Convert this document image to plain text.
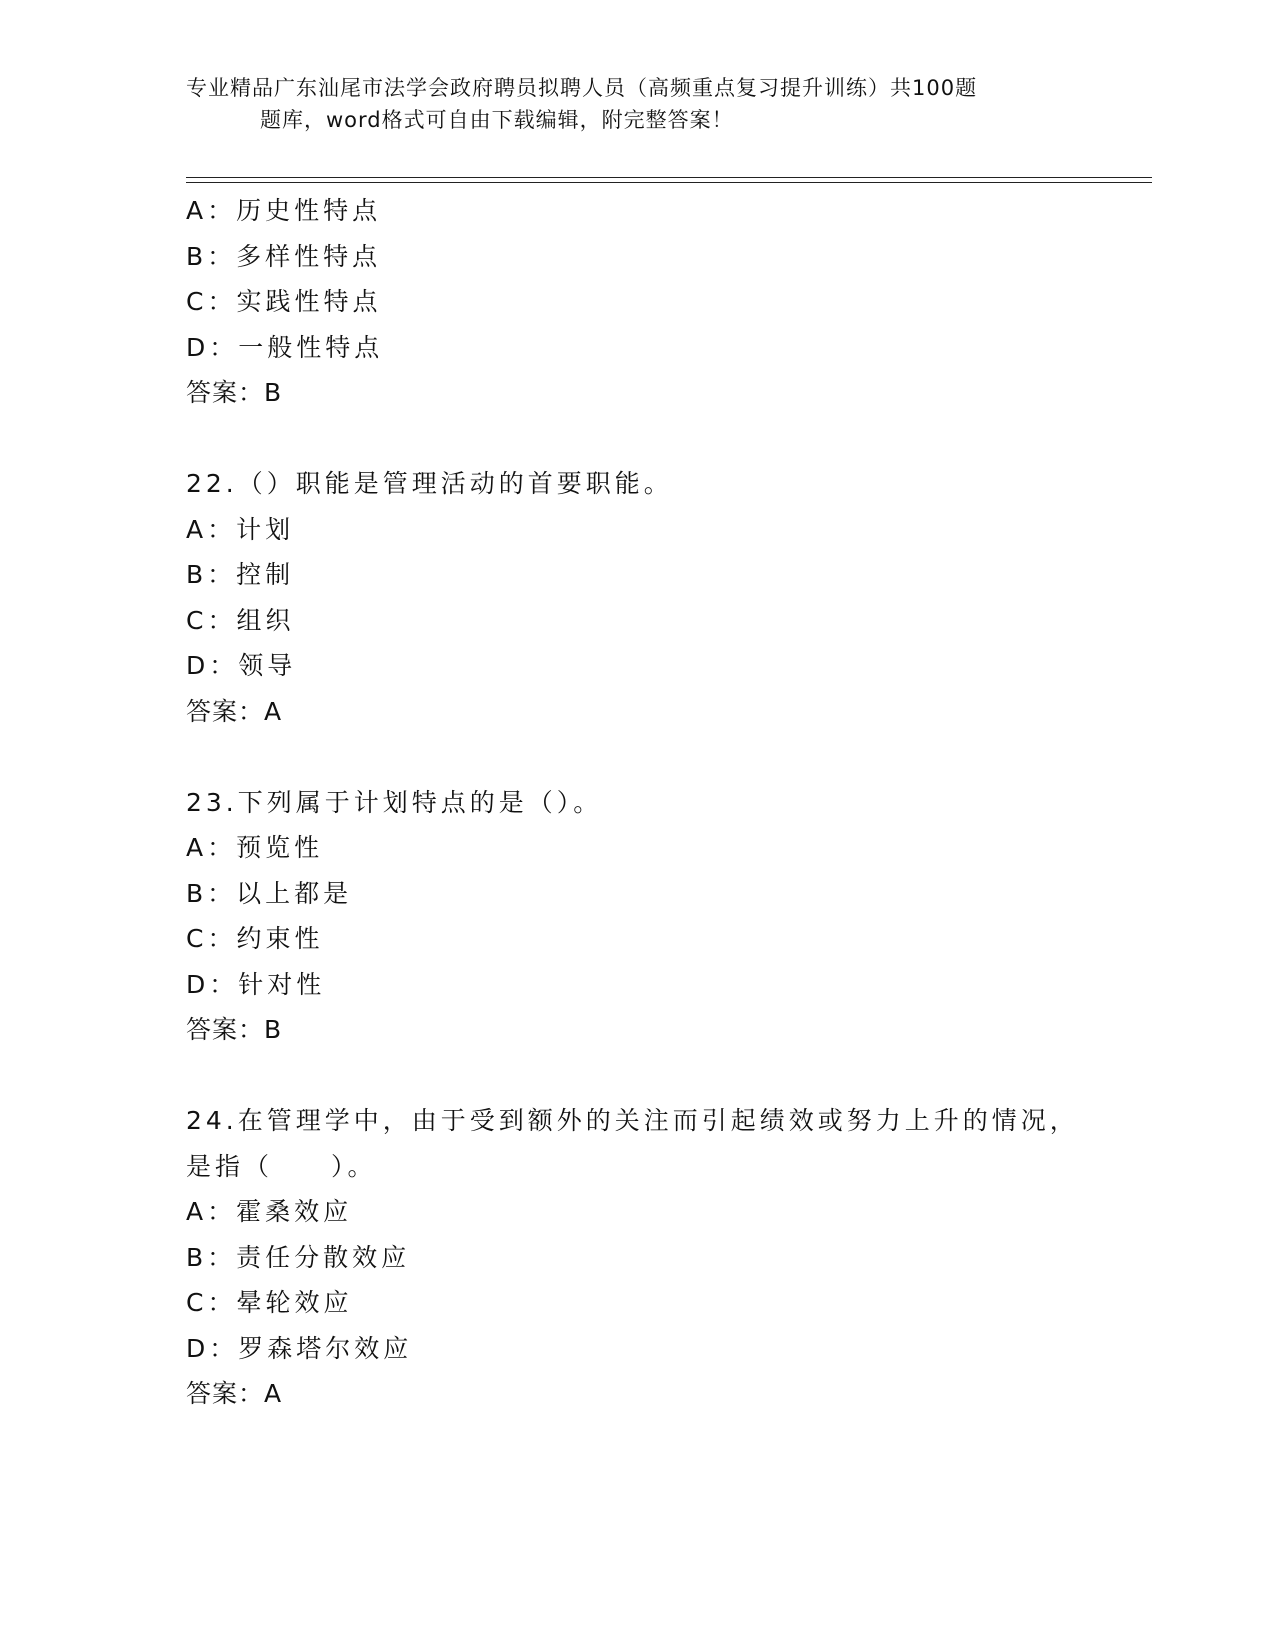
专业精品广东汕尾市法学会政府聘员拟聘人员（高频重点复习提升训练）共100题
题库，word格式可自由下载编辑，附完整答案！
A：历史性特点
B：多样性特点
C：实践性特点
D：一般性特点
答案：B
22.（）职能是管理活动的首要职能。
A：计划
B：控制
C：组织
D：领导
答案：A
23.下列属于计划特点的是（）。
A：预览性
B：以上都是
C：约束性
D：针对性
答案：B
24.在管理学中，由于受到额外的关注而引起绩效或努力上升的情况，
是指（　　）。
A：霍桑效应
B：责任分散效应
C：晕轮效应
D：罗森塔尔效应
答案：A
